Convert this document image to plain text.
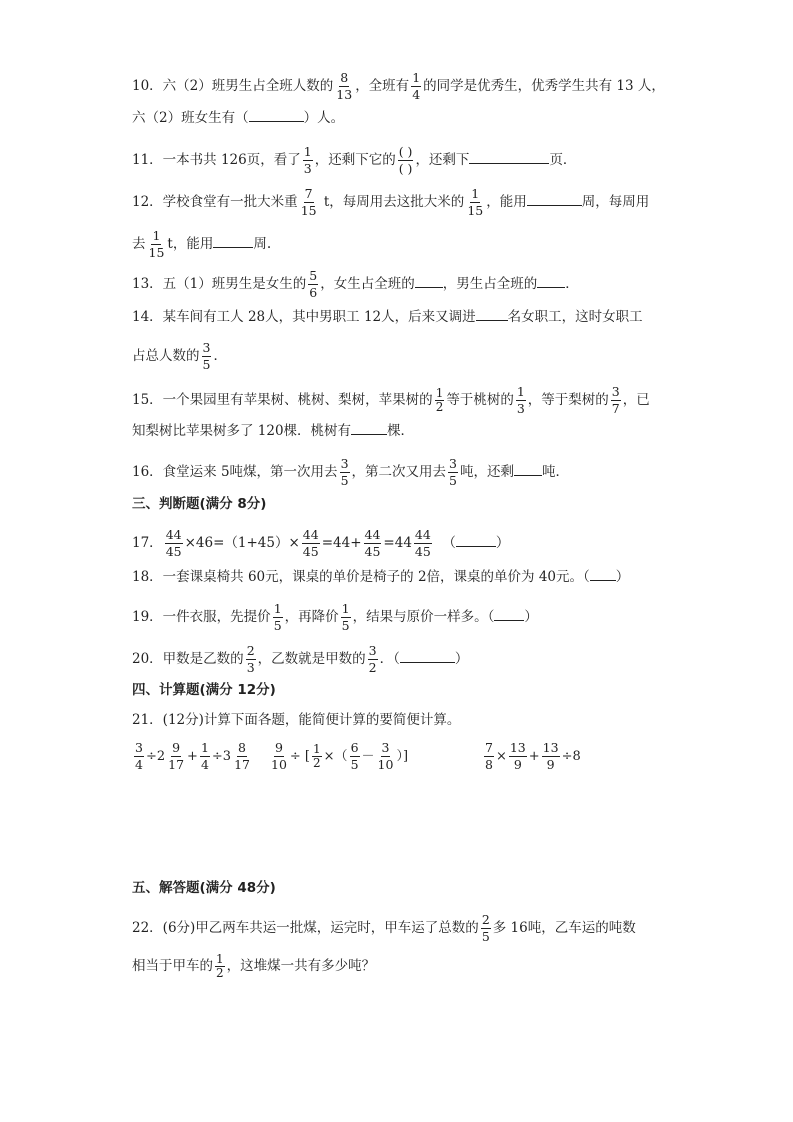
10．六（2）班男生占全班人数的 $\frac{8}{13}$ ，全班有 $\frac{1}{4}$ 的同学是优秀生，优秀学生共有 13 人，
六（2）班女生有（	）人。
11．一本书共 126页，看了 $\frac{1}{3}$ ，还剩下它的
( )
( )
，还剩下	页．
12．学校食堂有一批大米重 $\frac{7}{15}$ t，每周用去这批大米的 $\frac{1}{15}$ ，能用	周，每周用
去 $\frac{1}{15}$ t，能用	周.
13．五（1）班男生是女生的 $\frac{5}{6}$ ，女生占全班的 ，男生占全班的 ．
14．某车间有工人 28人，其中男职工 12人，后来又调进 名女职工，这时女职工
占总人数的 $\frac{3}{5}$ ．
15．一个果园里有苹果树、桃树、梨树，苹果树的 $\frac{1}{2}$ 等于桃树的 $\frac{1}{3}$ ，等于梨树的 $\frac{3}{7}$ ，已
知梨树比苹果树多了 120棵．桃树有	棵．
16．食堂运来 5吨煤，第一次用去 $\frac{3}{5}$ ，第二次又用去 $\frac{3}{5}$ 吨，还剩 吨．
三、判断题(满分 8分)
17． $\frac{44}{45} \times 46=(1+45)\times \frac{44}{45} =44+ \frac{44}{45} =44 \frac{44}{45}$ （	）
18．一套课桌椅共 60元，课桌的单价是椅子的 2倍，课桌的单价为 40元。（ ）
19．一件衣服，先提价 $\frac{1}{5}$ ，再降价 $\frac{1}{5}$ ，结果与原价一样多。（ ）
20．甲数是乙数的 $\frac{2}{3}$ ，乙数就是甲数的 $\frac{3}{2}$ ．（	）
四、计算题(满分 12分)
21．(12分)计算下面各题，能简便计算的要简便计算。
$\frac{3}{4} \div 2 \frac{9}{17} + \frac{1}{4} \div 3 \frac{8}{17} \frac{9}{10}$ ÷ [ $\frac{1}{2}$ ×（ $\frac{6}{5} - \frac{3}{10}$ ）]	$\frac{7}{8} \times \frac{13}{9} + \frac{13}{9} \div 8$
五、解答题(满分 48分)
22．(6分)甲乙两车共运一批煤，运完时，甲车运了总数的 $\frac{2}{5}$ 多 16吨，乙车运的吨数
相当于甲车的 $\frac{1}{2}$ ，这堆煤一共有多少吨？
